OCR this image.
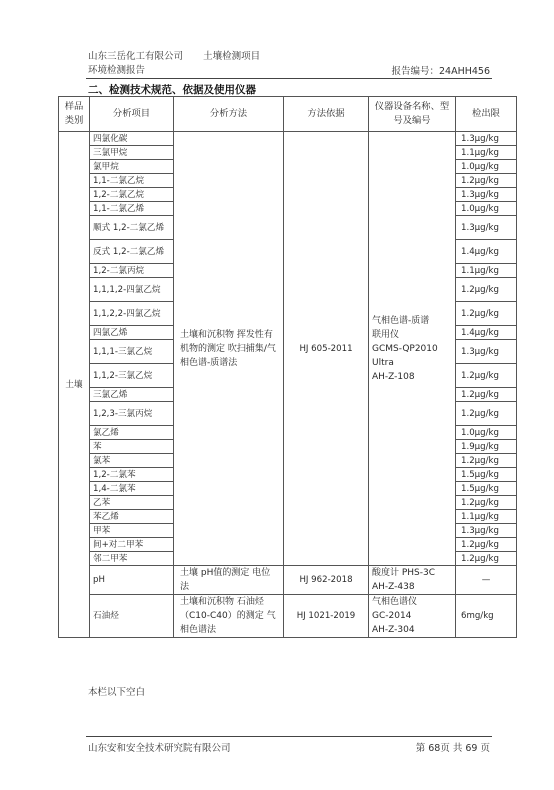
山东三岳化工有限公司 土壤检测项目
环境检测报告	报告编号：24AHH456
二、检测技术规范、依据及使用仪器
样品类别	分析项目	分析方法	方法依据	仪器设备名称、型号及编号	检出限
土壤	四氯化碳	土壤和沉积物 挥发性有机物的测定 吹扫捕集/气相色谱-质谱法	HJ 605-2011	气相色谱-质谱
联用仪
GCMS-QP2010
Ultra
AH-Z-108	1.3μg/kg
	三氯甲烷				1.1μg/kg
	氯甲烷				1.0μg/kg
	1,1-二氯乙烷				1.2μg/kg
	1,2-二氯乙烷				1.3μg/kg
	1,1-二氯乙烯				1.0μg/kg
	顺式 1,2-二氯乙烯				1.3μg/kg
	反式 1,2-二氯乙烯				1.4μg/kg
	1,2-二氯丙烷				1.1μg/kg
	1,1,1,2-四氯乙烷				1.2μg/kg
	1,1,2,2-四氯乙烷				1.2μg/kg
	四氯乙烯				1.4μg/kg
	1,1,1-三氯乙烷				1.3μg/kg
	1,1,2-三氯乙烷				1.2μg/kg
	三氯乙烯				1.2μg/kg
	1,2,3-三氯丙烷				1.2μg/kg
	氯乙烯				1.0μg/kg
	苯				1.9μg/kg
	氯苯				1.2μg/kg
	1,2-二氯苯				1.5μg/kg
	1,4-二氯苯				1.5μg/kg
	乙苯				1.2μg/kg
	苯乙烯				1.1μg/kg
	甲苯				1.3μg/kg
	间+对二甲苯				1.2μg/kg
	邻二甲苯				1.2μg/kg
	pH	土壤 pH值的测定 电位法	HJ 962-2018	酸度计 PHS-3C
AH-Z-438	—
	石油烃	土壤和沉积物 石油烃（C10-C40）的测定 气相色谱法	HJ 1021-2019	气相色谱仪
GC-2014
AH-Z-304	6mg/kg
本栏以下空白
山东安和安全技术研究院有限公司	第 68页 共 69 页
